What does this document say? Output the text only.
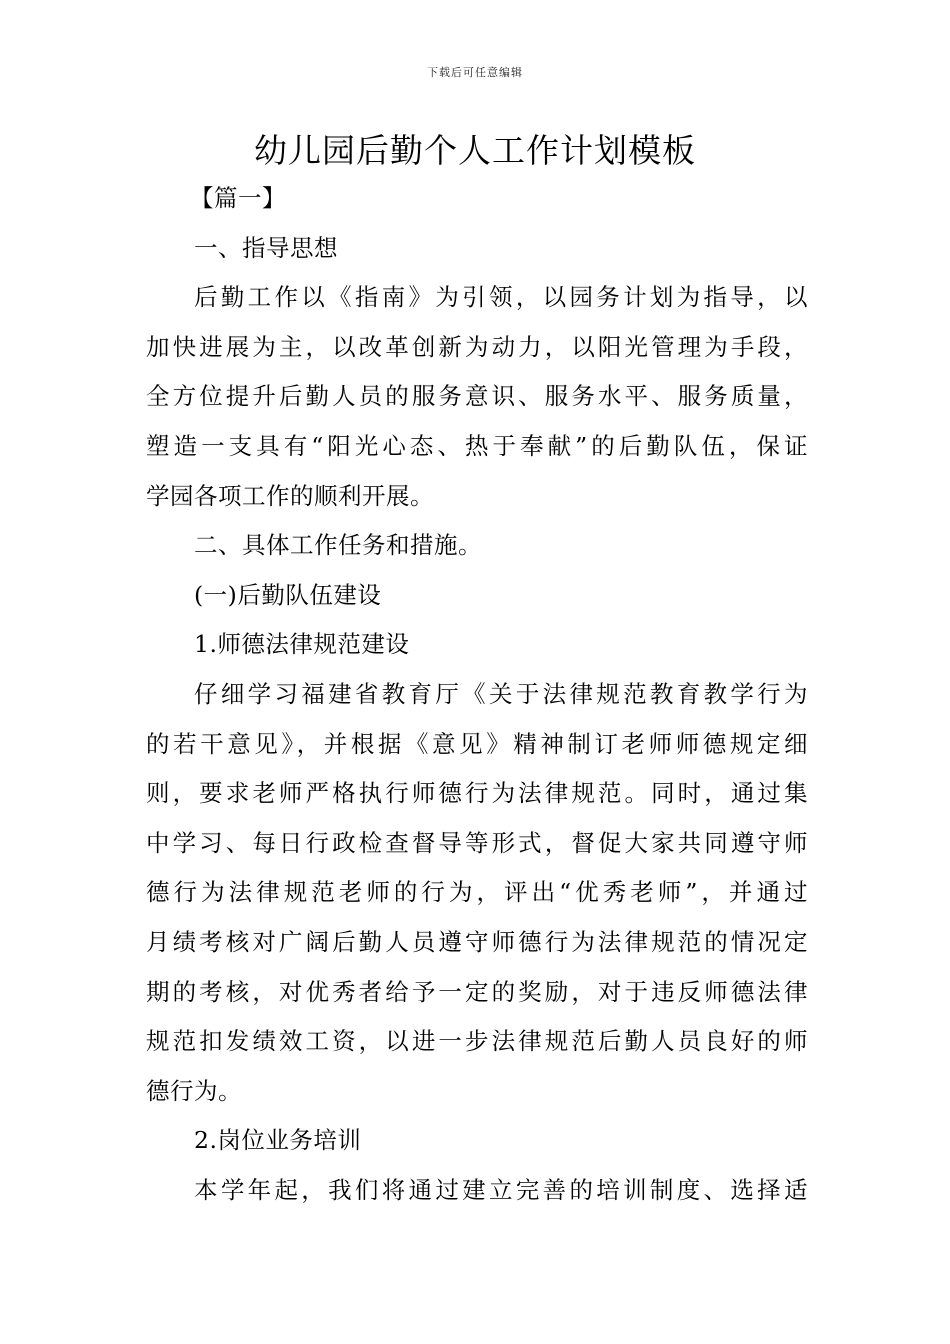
下载后可任意编辑
幼儿园后勤个人工作计划模板
【篇一】
一、指导思想
后勤工作以《指南》为引领，以园务计划为指导，以
加快进展为主，以改革创新为动力，以阳光管理为手段，
全方位提升后勤人员的服务意识、服务水平、服务质量，
塑造一支具有“阳光心态、热于奉献”的后勤队伍，保证
学园各项工作的顺利开展。
二、具体工作任务和措施。
(一)后勤队伍建设
1.师德法律规范建设
仔细学习福建省教育厅《关于法律规范教育教学行为
的若干意见》，并根据《意见》精神制订老师师德规定细
则，要求老师严格执行师德行为法律规范。同时，通过集
中学习、每日行政检查督导等形式，督促大家共同遵守师
德行为法律规范老师的行为，评出“优秀老师”，并通过
月绩考核对广阔后勤人员遵守师德行为法律规范的情况定
期的考核，对优秀者给予一定的奖励，对于违反师德法律
规范扣发绩效工资，以进一步法律规范后勤人员良好的师
德行为。
2.岗位业务培训
本学年起，我们将通过建立完善的培训制度、选择适
